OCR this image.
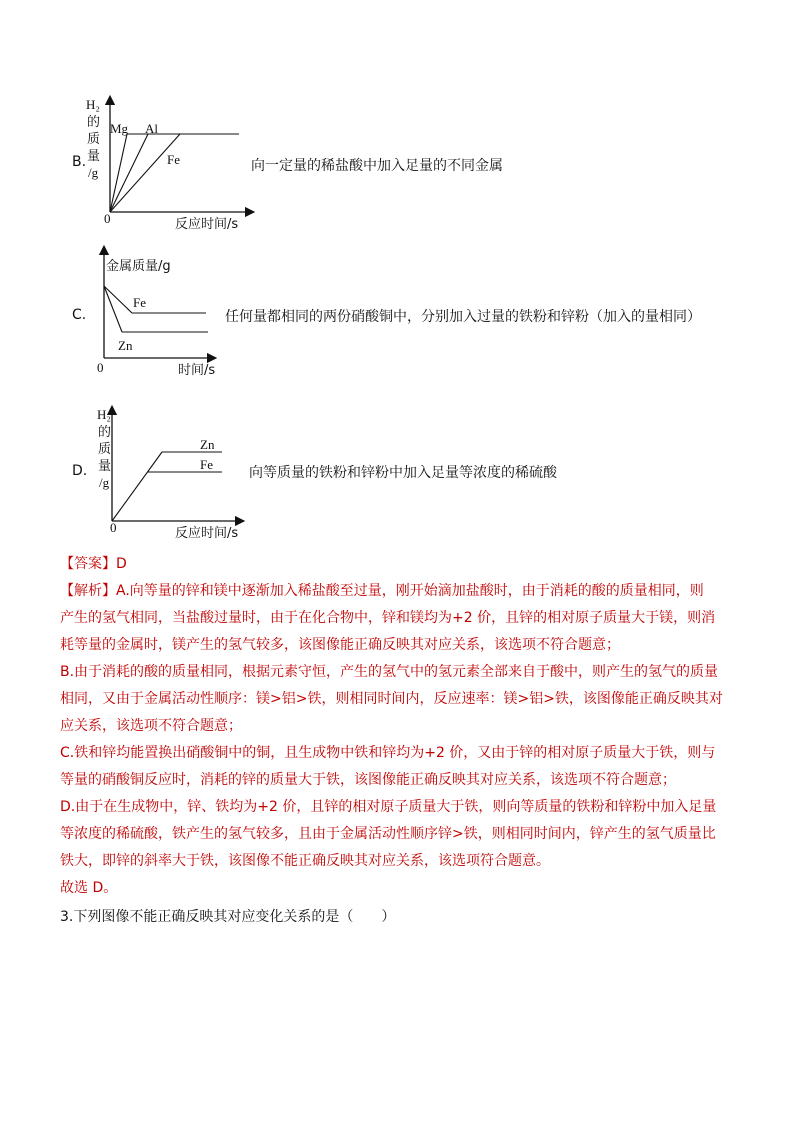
B.
H₂
的
质
量
/g
0	反应时间/s
Mg Al
Fe	向一定量的稀盐酸中加入足量的不同金属
C.
金属质量/g
0	时间/s
Fe
Zn
任何量都相同的两份硝酸铜中，分别加入过量的铁粉和锌粉（加入的量相同）
D.
H₂
的
质
量
/g
0	反应时间/s
Zn
Fe
向等质量的铁粉和锌粉中加入足量等浓度的稀硫酸
【答案】D
【解析】A.向等量的锌和镁中逐渐加入稀盐酸至过量，刚开始滴加盐酸时，由于消耗的酸的质量相同，则
产生的氢气相同，当盐酸过量时，由于在化合物中，锌和镁均为+2 价，且锌的相对原子质量大于镁，则消
耗等量的金属时，镁产生的氢气较多，该图像能正确反映其对应关系，该选项不符合题意；
B.由于消耗的酸的质量相同，根据元素守恒，产生的氢气中的氢元素全部来自于酸中，则产生的氢气的质量
相同，又由于金属活动性顺序：镁>铝>铁，则相同时间内，反应速率：镁>铝>铁，该图像能正确反映其对
应关系，该选项不符合题意；
C.铁和锌均能置换出硝酸铜中的铜，且生成物中铁和锌均为+2 价，又由于锌的相对原子质量大于铁，则与
等量的硝酸铜反应时，消耗的锌的质量大于铁，该图像能正确反映其对应关系，该选项不符合题意；
D.由于在生成物中，锌、铁均为+2 价，且锌的相对原子质量大于铁，则向等质量的铁粉和锌粉中加入足量
等浓度的稀硫酸，铁产生的氢气较多，且由于金属活动性顺序锌>铁，则相同时间内，锌产生的氢气质量比
铁大，即锌的斜率大于铁，该图像不能正确反映其对应关系，该选项符合题意。
故选 D。
3.下列图像不能正确反映其对应变化关系的是（　　）
